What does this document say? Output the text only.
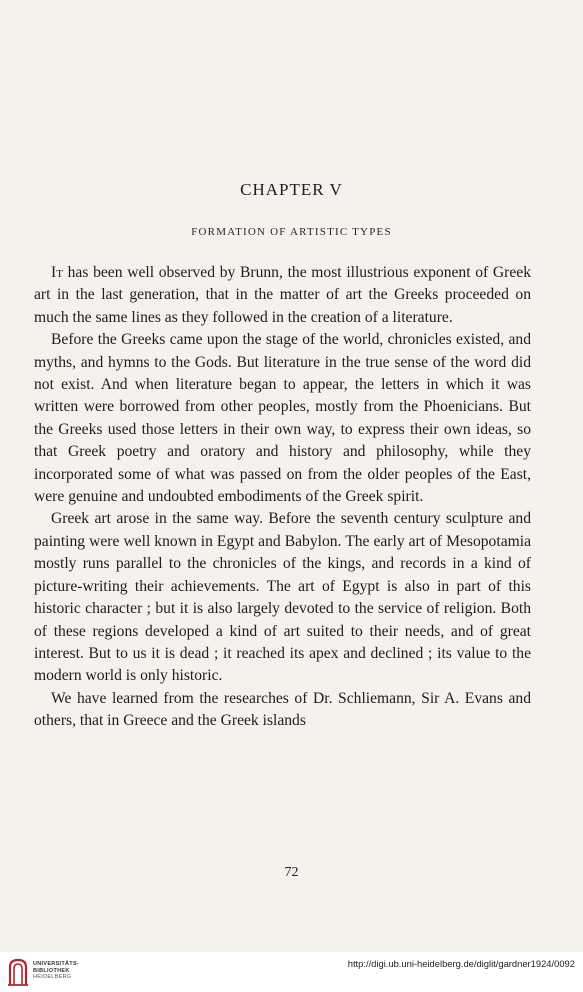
CHAPTER V
FORMATION OF ARTISTIC TYPES

It has been well observed by Brunn, the most illustrious exponent of Greek art in the last generation, that in the matter of art the Greeks proceeded on much the same lines as they followed in the creation of a literature.

Before the Greeks came upon the stage of the world, chronicles existed, and myths, and hymns to the Gods. But literature in the true sense of the word did not exist. And when literature began to appear, the letters in which it was written were borrowed from other peoples, mostly from the Phoenicians. But the Greeks used those letters in their own way, to express their own ideas, so that Greek poetry and oratory and history and philosophy, while they incorporated some of what was passed on from the older peoples of the East, were genuine and undoubted embodiments of the Greek spirit.

Greek art arose in the same way. Before the seventh century sculpture and painting were well known in Egypt and Babylon. The early art of Mesopotamia mostly runs parallel to the chronicles of the kings, and records in a kind of picture-writing their achievements. The art of Egypt is also in part of this historic character ; but it is also largely devoted to the service of religion. Both of these regions developed a kind of art suited to their needs, and of great interest. But to us it is dead ; it reached its apex and declined ; its value to the modern world is only historic.

We have learned from the researches of Dr. Schliemann, Sir A. Evans and others, that in Greece and the Greek islands

72
UNIVERSITÄTS-
BIBLIOTHEK
HEIDELBERG
http://digi.ub.uni-heidelberg.de/diglit/gardner1924/0092
